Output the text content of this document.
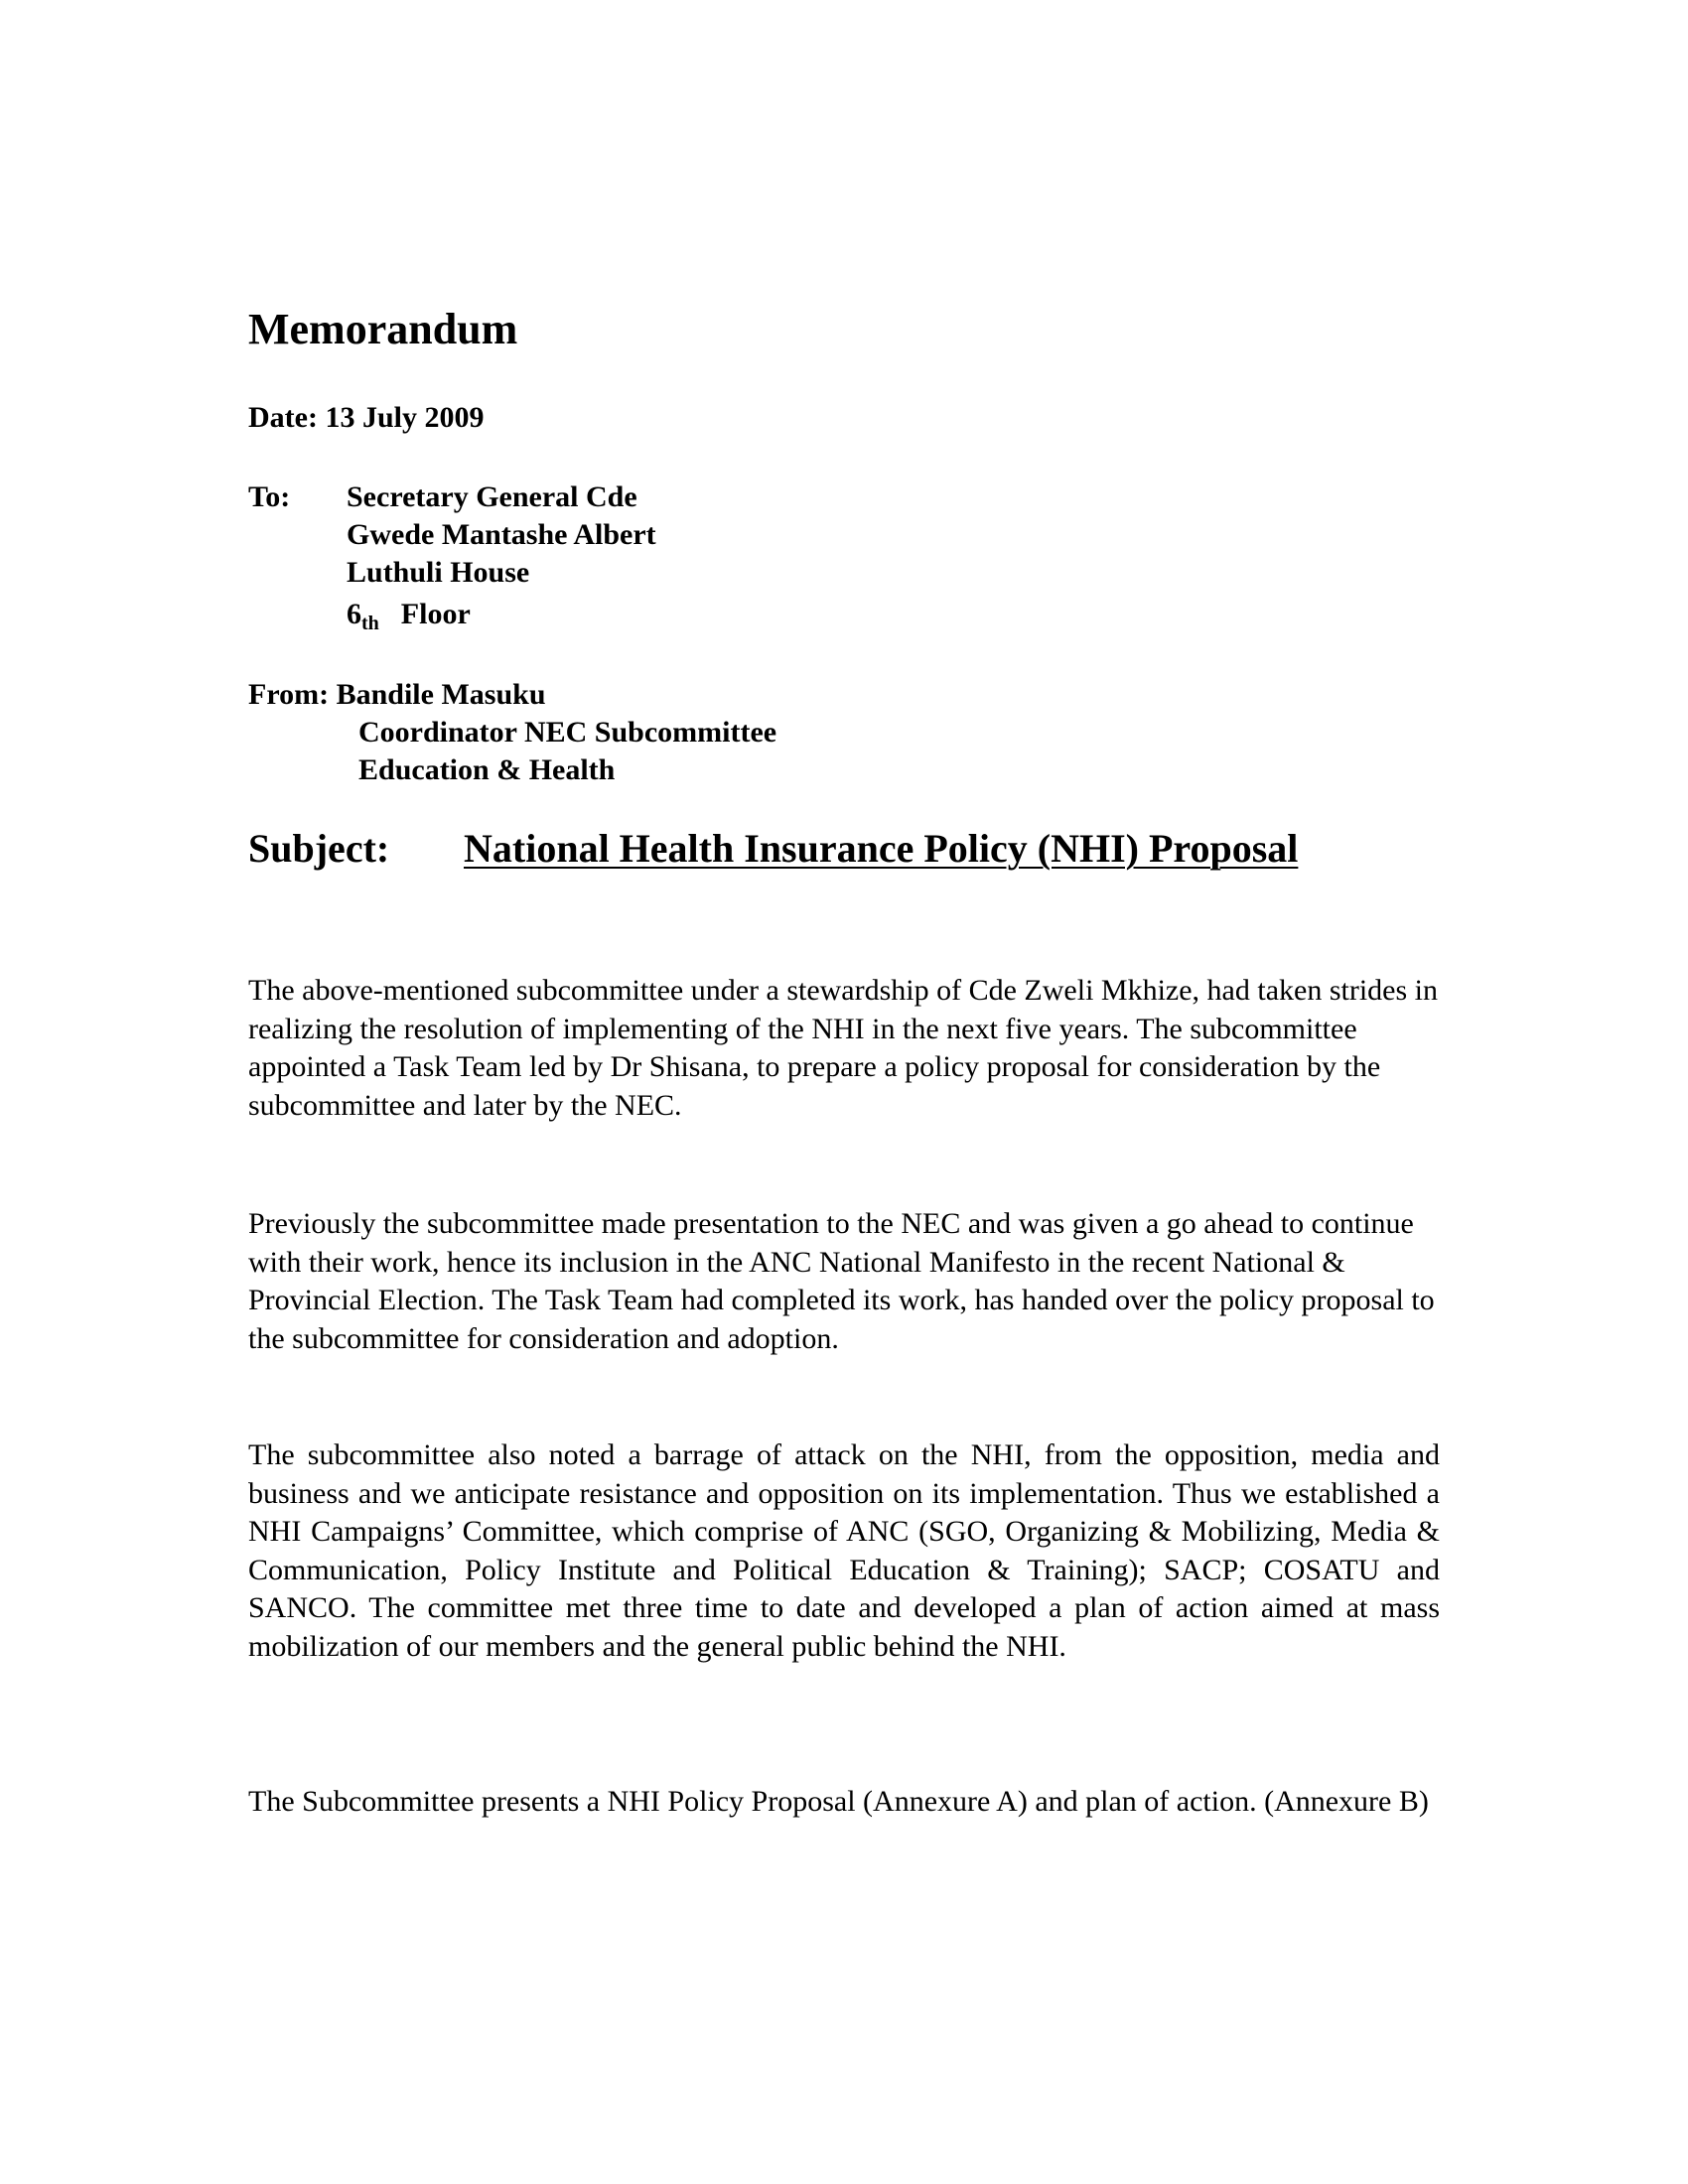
Memorandum
Date: 13 July 2009
To: Secretary General Cde
Gwede Mantashe Albert
Luthuli House
$6_{th}$ Floor
From: Bandile Masuku
Coordinator NEC Subcommittee
Education & Health
Subject: National Health Insurance Policy (NHI) Proposal

The above-mentioned subcommittee under a stewardship of Cde Zweli Mkhize, had taken strides in realizing the resolution of implementing of the NHI in the next five years. The subcommittee appointed a Task Team led by Dr Shisana, to prepare a policy proposal for consideration by the subcommittee and later by the NEC.

Previously the subcommittee made presentation to the NEC and was given a go ahead to continue with their work, hence its inclusion in the ANC National Manifesto in the recent National & Provincial Election. The Task Team had completed its work, has handed over the policy proposal to the subcommittee for consideration and adoption.

The subcommittee also noted a barrage of attack on the NHI, from the opposition, media and business and we anticipate resistance and opposition on its implementation. Thus we established a NHI Campaigns’ Committee, which comprise of ANC (SGO, Organizing & Mobilizing, Media & Communication, Policy Institute and Political Education & Training); SACP; COSATU and SANCO. The committee met three time to date and developed a plan of action aimed at mass mobilization of our members and the general public behind the NHI.

The Subcommittee presents a NHI Policy Proposal (Annexure A) and plan of action. (Annexure B)
